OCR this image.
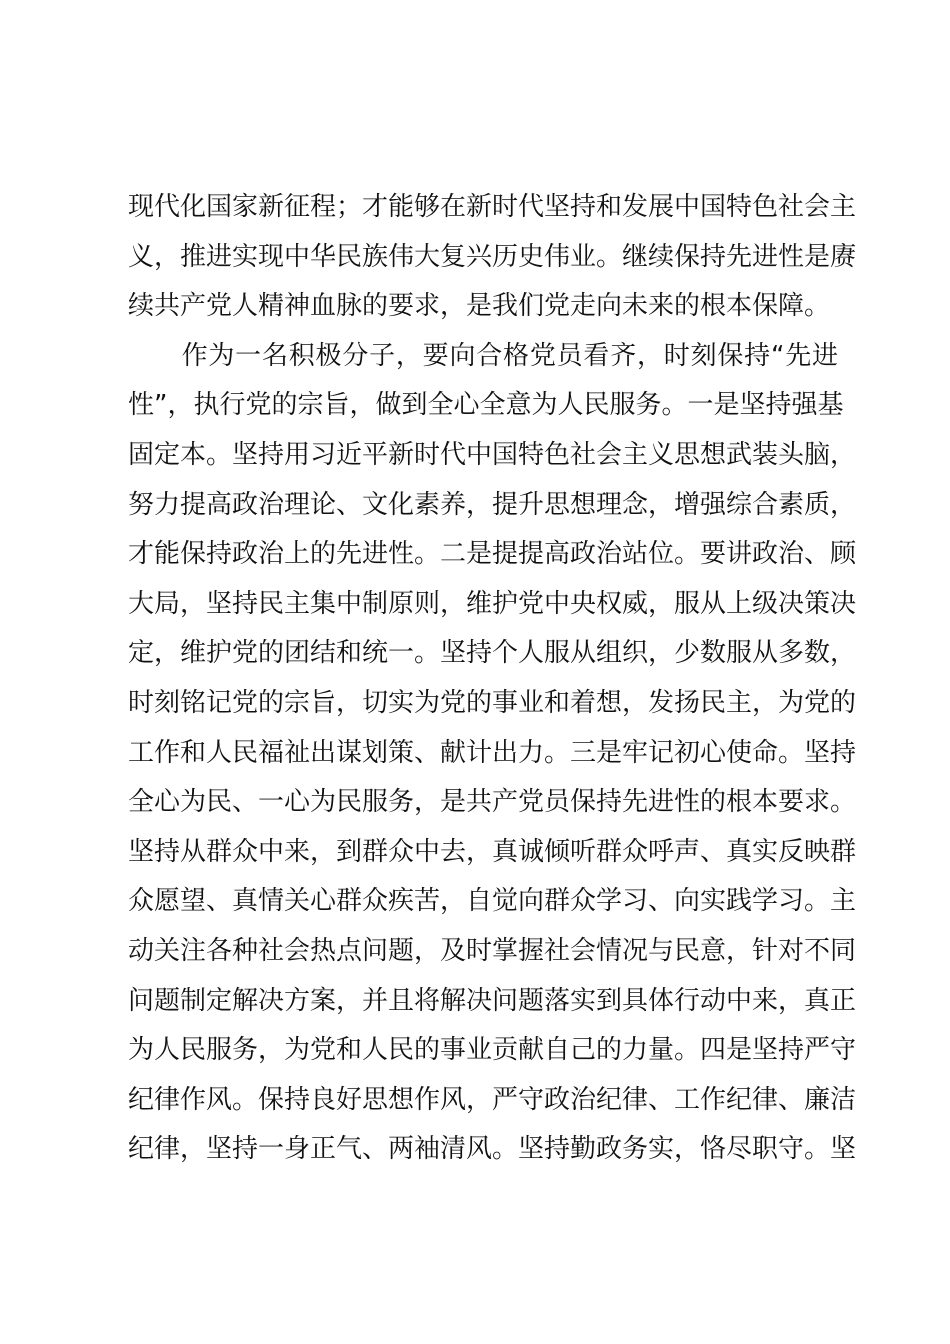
现代化国家新征程；才能够在新时代坚持和发展中国特色社会主
义，推进实现中华民族伟大复兴历史伟业。继续保持先进性是赓
续共产党人精神血脉的要求，是我们党走向未来的根本保障。
　　作为一名积极分子，要向合格党员看齐，时刻保持“先进
性”，执行党的宗旨，做到全心全意为人民服务。一是坚持强基
固定本。坚持用习近平新时代中国特色社会主义思想武装头脑，
努力提高政治理论、文化素养，提升思想理念，增强综合素质，
才能保持政治上的先进性。二是提提高政治站位。要讲政治、顾
大局，坚持民主集中制原则，维护党中央权威，服从上级决策决
定，维护党的团结和统一。坚持个人服从组织，少数服从多数，
时刻铭记党的宗旨，切实为党的事业和着想，发扬民主，为党的
工作和人民福祉出谋划策、献计出力。三是牢记初心使命。坚持
全心为民、一心为民服务，是共产党员保持先进性的根本要求。
坚持从群众中来，到群众中去，真诚倾听群众呼声、真实反映群
众愿望、真情关心群众疾苦，自觉向群众学习、向实践学习。主
动关注各种社会热点问题，及时掌握社会情况与民意，针对不同
问题制定解决方案，并且将解决问题落实到具体行动中来，真正
为人民服务，为党和人民的事业贡献自己的力量。四是坚持严守
纪律作风。保持良好思想作风，严守政治纪律、工作纪律、廉洁
纪律，坚持一身正气、两袖清风。坚持勤政务实，恪尽职守。坚
